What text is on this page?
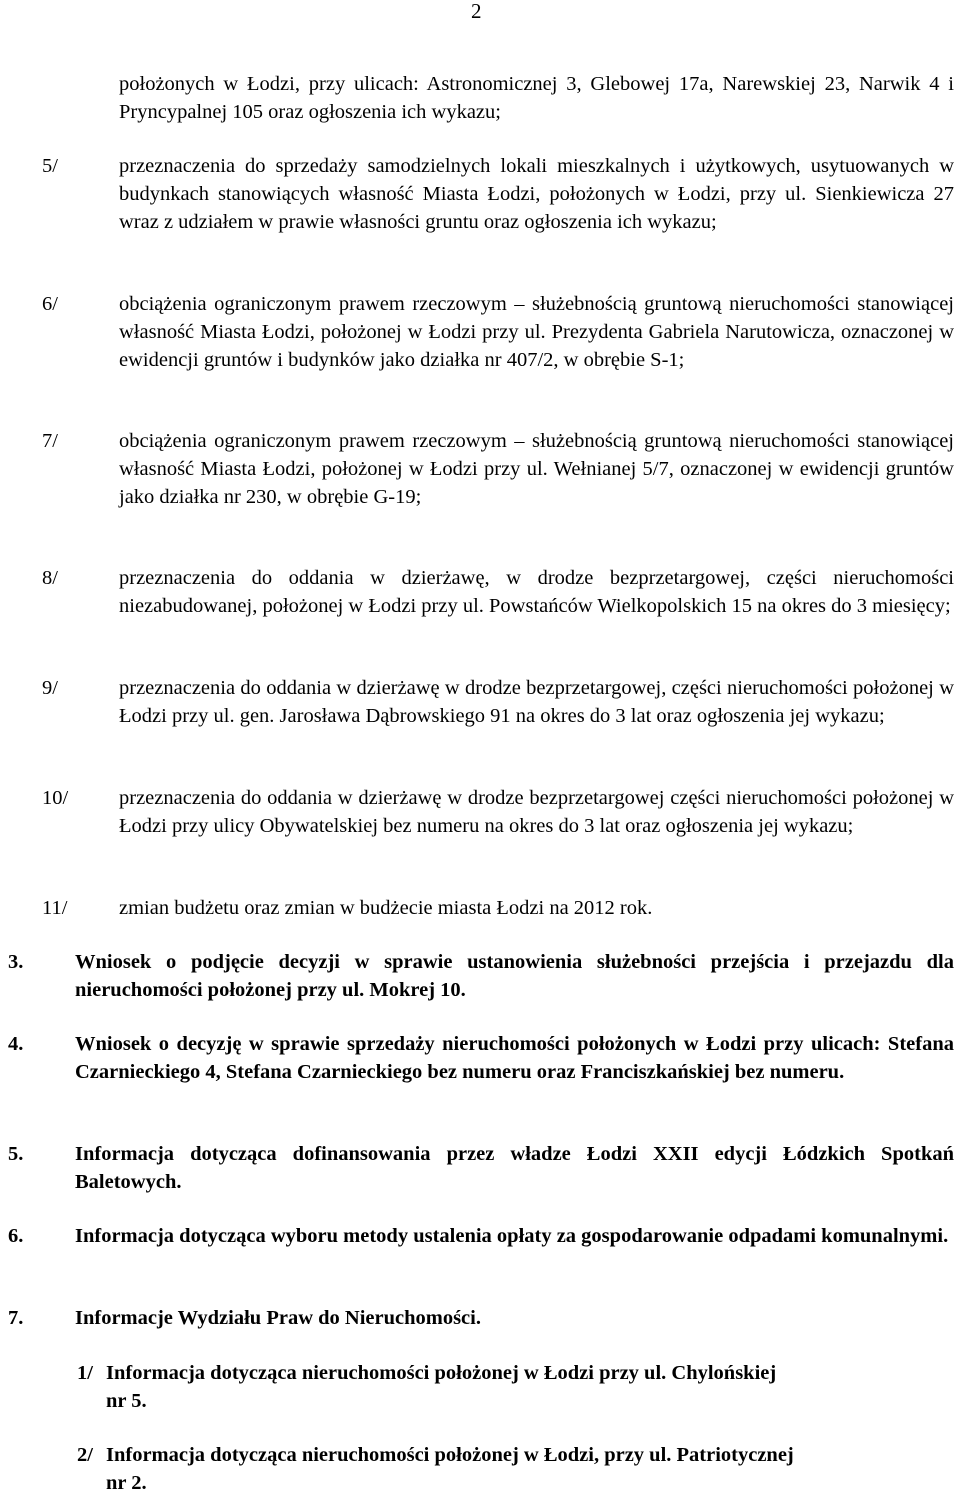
2
położonych w Łodzi, przy ulicach: Astronomicznej 3, Glebowej 17a, Narewskiej 23, Narwik 4 i Pryncypalnej 105 oraz ogłoszenia ich wykazu;
5/	przeznaczenia do sprzedaży samodzielnych lokali mieszkalnych i użytkowych, usytuowanych w budynkach stanowiących własność Miasta Łodzi, położonych w Łodzi, przy ul. Sienkiewicza 27 wraz z udziałem w prawie własności gruntu oraz ogłoszenia ich wykazu;
6/	obciążenia ograniczonym prawem rzeczowym – służebnością gruntową nieruchomości stanowiącej własność Miasta Łodzi, położonej w Łodzi przy ul. Prezydenta Gabriela Narutowicza, oznaczonej w ewidencji gruntów i budynków jako działka nr 407/2, w obrębie S-1;
7/	obciążenia ograniczonym prawem rzeczowym – służebnością gruntową nieruchomości stanowiącej własność Miasta Łodzi, położonej w Łodzi przy ul. Wełnianej 5/7, oznaczonej w ewidencji gruntów jako działka nr 230, w obrębie G-19;
8/	przeznaczenia do oddania w dzierżawę, w drodze bezprzetargowej, części nieruchomości niezabudowanej, położonej w Łodzi przy ul. Powstańców Wielkopolskich 15 na okres do 3 miesięcy;
9/	przeznaczenia do oddania w dzierżawę w drodze bezprzetargowej, części nieruchomości położonej w Łodzi przy ul. gen. Jarosława Dąbrowskiego 91 na okres do 3 lat oraz ogłoszenia jej wykazu;
10/ przeznaczenia do oddania w dzierżawę w drodze bezprzetargowej części nieruchomości położonej w Łodzi przy ulicy Obywatelskiej bez numeru na okres do 3 lat oraz ogłoszenia jej wykazu;
11/	zmian budżetu oraz zmian w budżecie miasta Łodzi na 2012 rok.
3.	Wniosek o podjęcie decyzji w sprawie ustanowienia służebności przejścia i przejazdu dla nieruchomości położonej przy ul. Mokrej 10.
4.	Wniosek o decyzję w sprawie sprzedaży nieruchomości położonych w Łodzi przy ulicach: Stefana Czarnieckiego 4, Stefana Czarnieckiego bez numeru oraz Franciszkańskiej bez numeru.
5.	Informacja dotycząca dofinansowania przez władze Łodzi XXII edycji Łódzkich Spotkań Baletowych.
6.	Informacja dotycząca wyboru metody ustalenia opłaty za gospodarowanie odpadami komunalnymi.
7.	Informacje Wydziału Praw do Nieruchomości.
1/ Informacja dotycząca nieruchomości położonej w Łodzi przy ul. Chylońskiej
nr 5.
2/ Informacja dotycząca nieruchomości położonej w Łodzi, przy ul. Patriotycznej
nr 2.
